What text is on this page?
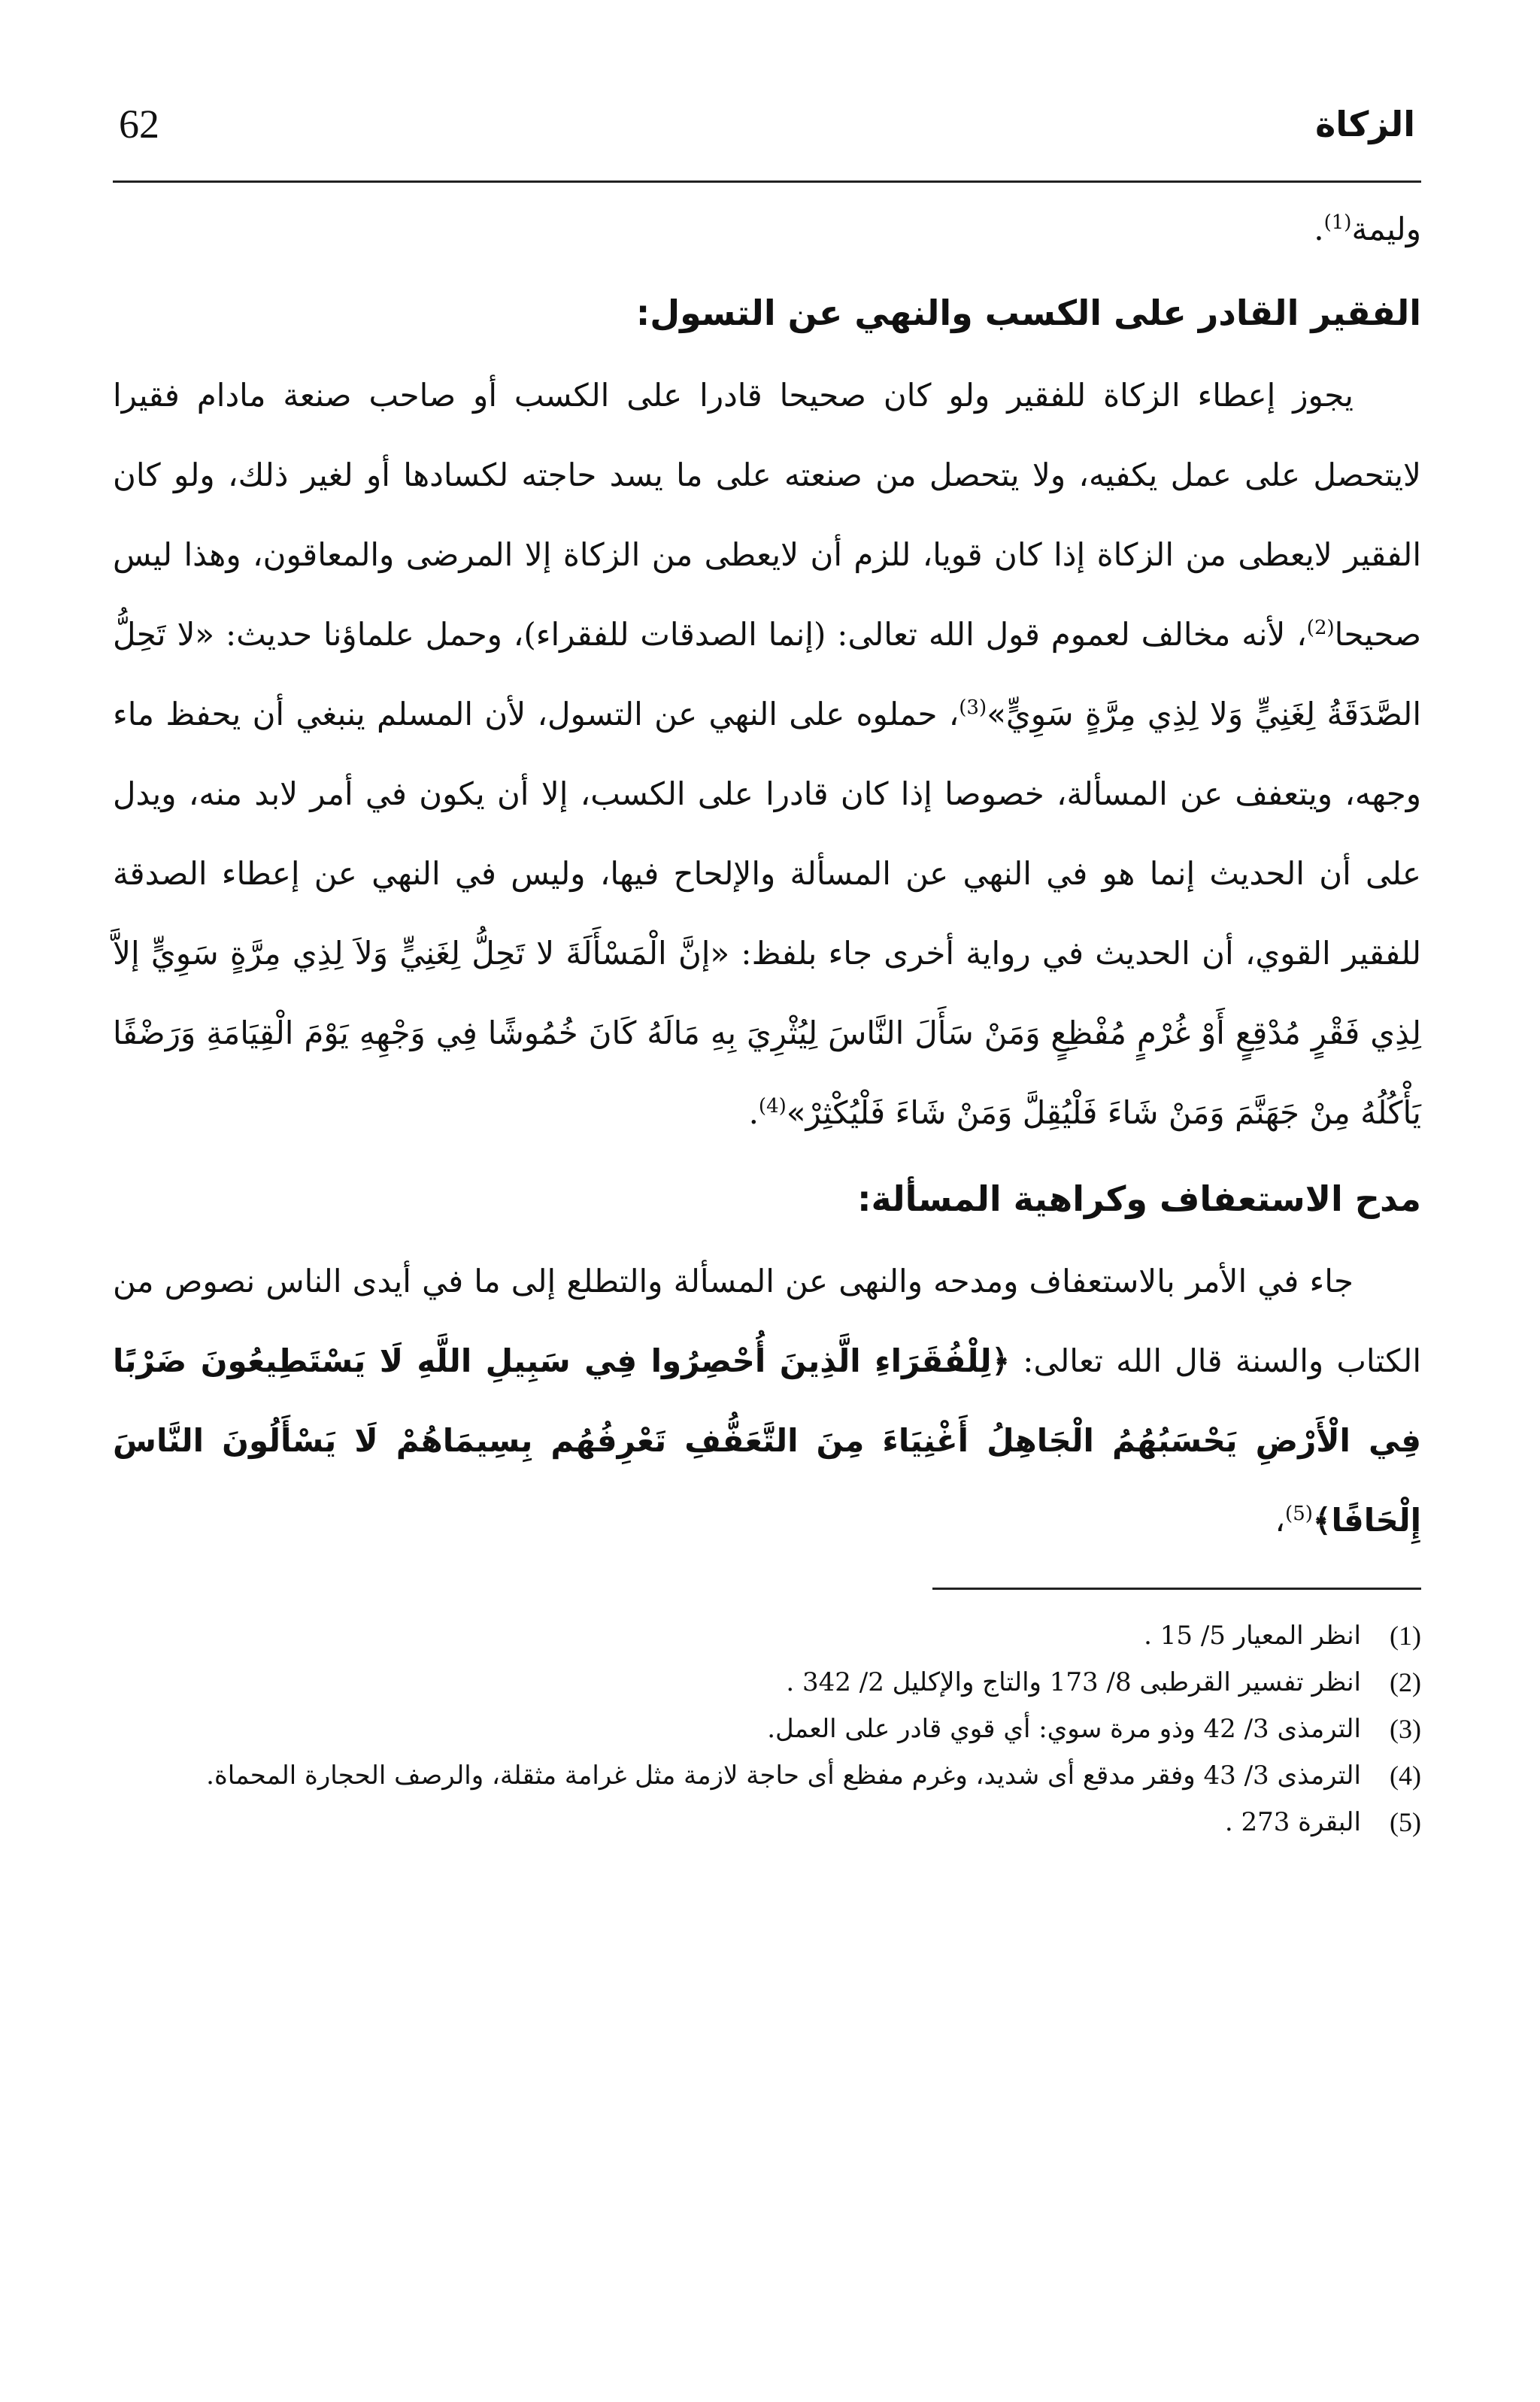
62	الزكاة
وليمة$^{(1)}$.
الفقير القادر على الكسب والنهي عن التسول:

يجوز إعطاء الزكاة للفقير ولو كان صحيحا قادرا على الكسب أو صاحب صنعة مادام فقيرا لايتحصل على عمل يكفيه، ولا يتحصل من صنعته على ما يسد حاجته لكسادها أو لغير ذلك، ولو كان الفقير لايعطى من الزكاة إذا كان قويا، للزم أن لايعطى من الزكاة إلا المرضى والمعاقون، وهذا ليس صحيحا$^{(2)}$، لأنه مخالف لعموم قول الله تعالى: (إنما الصدقات للفقراء)، وحمل علماؤنا حديث: «لا تَحِلُّ الصَّدَقَةُ لِغَنِيٍّ وَلا لِذِي مِرَّةٍ سَوِيٍّ»$^{(3)}$، حملوه على النهي عن التسول، لأن المسلم ينبغي أن يحفظ ماء وجهه، ويتعفف عن المسألة، خصوصا إذا كان قادرا على الكسب، إلا أن يكون في أمر لابد منه، ويدل على أن الحديث إنما هو في النهي عن المسألة والإلحاح فيها، وليس في النهي عن إعطاء الصدقة للفقير القوي، أن الحديث في رواية أخرى جاء بلفظ: «إنَّ الْمَسْأَلَةَ لا تَحِلُّ لِغَنِيٍّ وَلاَ لِذِي مِرَّةٍ سَوِيٍّ إلاَّ لِذِي فَقْرٍ مُدْقِعٍ أَوْ غُرْمٍ مُفْظِعٍ وَمَنْ سَأَلَ النَّاسَ لِيُثْرِيَ بِهِ مَالَهُ كَانَ خُمُوشًا فِي وَجْهِهِ يَوْمَ الْقِيَامَةِ وَرَضْفًا يَأْكُلُهُ مِنْ جَهَنَّمَ وَمَنْ شَاءَ فَلْيُقِلَّ وَمَنْ شَاءَ فَلْيُكْثِرْ»$^{(4)}$.

مدح الاستعفاف وكراهية المسألة:

جاء في الأمر بالاستعفاف ومدحه والنهى عن المسألة والتطلع إلى ما في أيدى الناس نصوص من الكتاب والسنة قال الله تعالى: ﴿لِلْفُقَرَاءِ الَّذِينَ أُحْصِرُوا فِي سَبِيلِ اللَّهِ لَا يَسْتَطِيعُونَ ضَرْبًا فِي الْأَرْضِ يَحْسَبُهُمُ الْجَاهِلُ أَغْنِيَاءَ مِنَ التَّعَفُّفِ تَعْرِفُهُم بِسِيمَاهُمْ لَا يَسْأَلُونَ النَّاسَ إِلْحَافًا﴾$^{(5)}$،

(1)
انظر المعيار 5/ 15 .
(2)
انظر تفسير القرطبى 8/ 173 والتاج والإكليل 2/ 342 .
(3)
الترمذى 3/ 42 وذو مرة سوي: أي قوي قادر على العمل.
(4)
الترمذى 3/ 43 وفقر مدقع أى شديد، وغرم مفظع أى حاجة لازمة مثل غرامة مثقلة، والرصف الحجارة المحماة.
(5)
البقرة 273 .
